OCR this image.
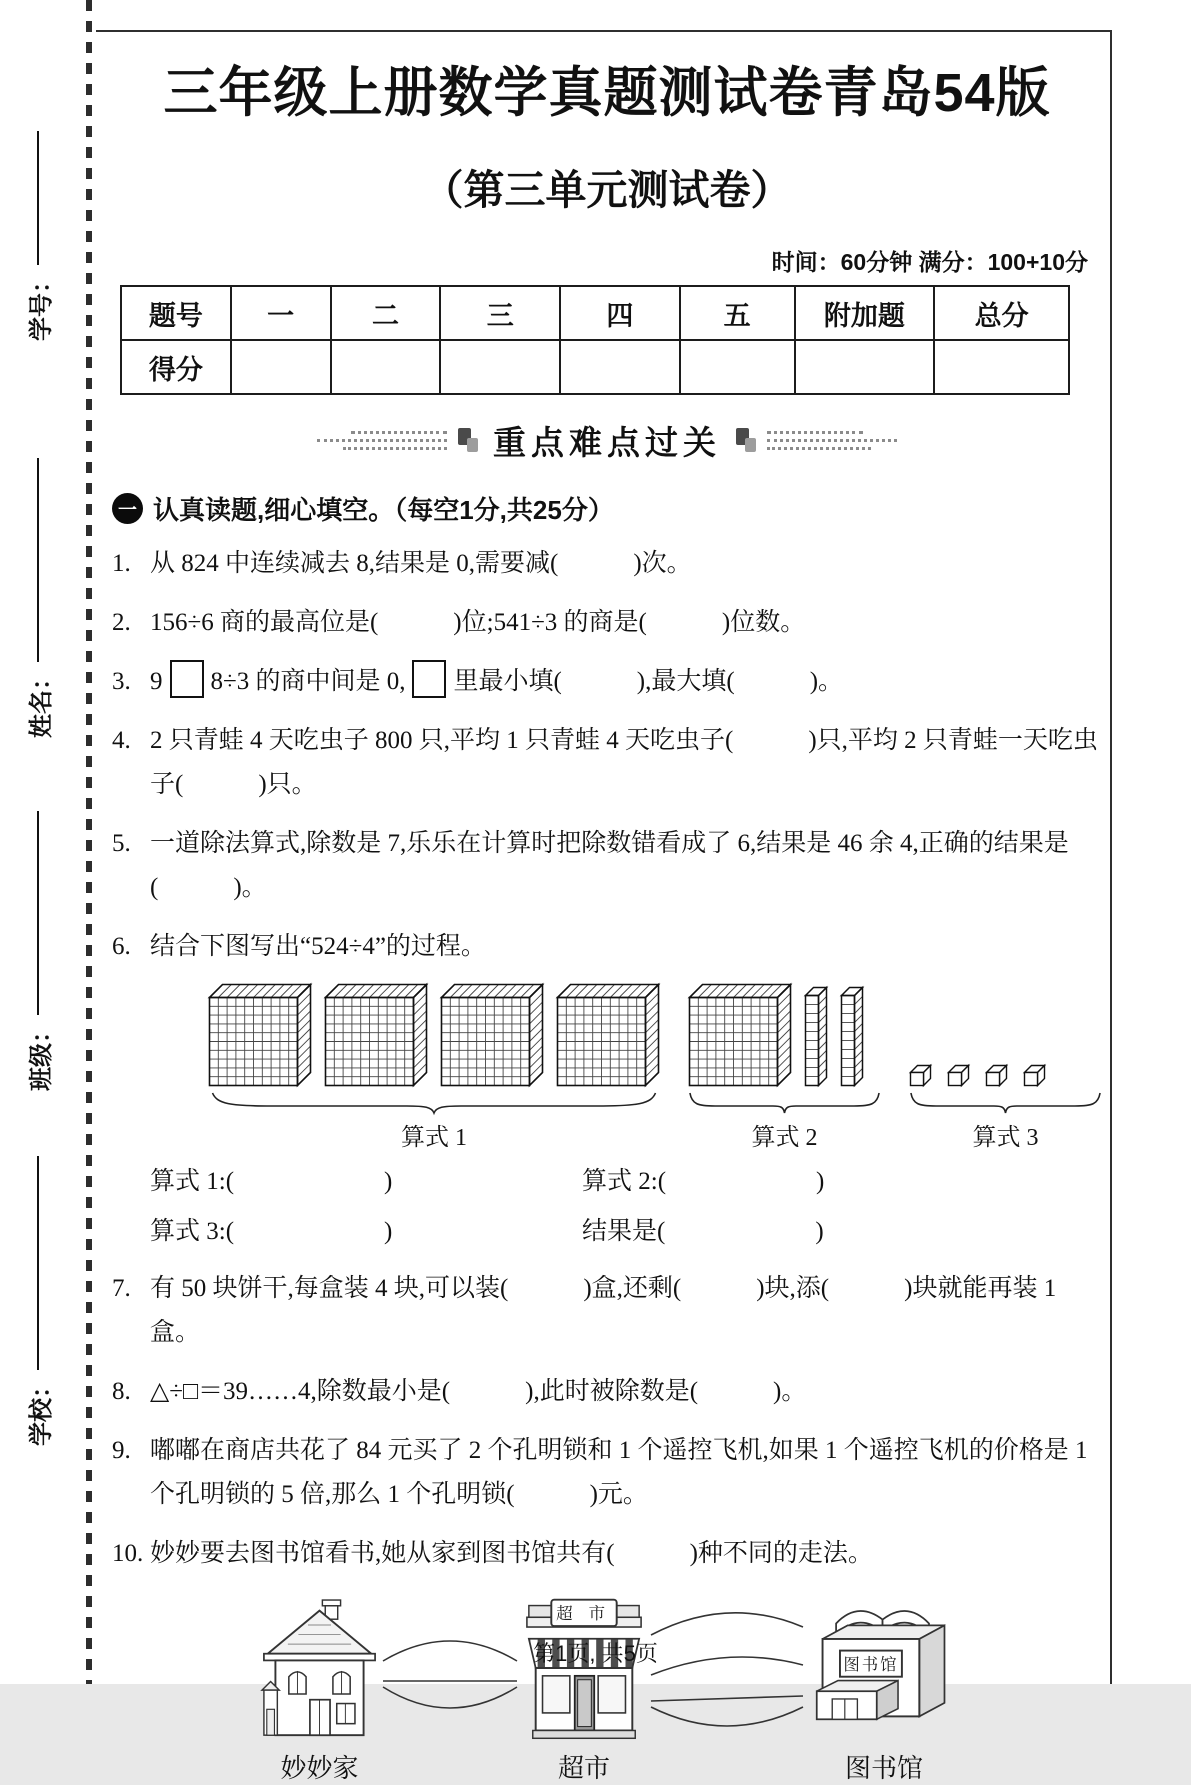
学号：
姓名：
班级：
学校：
三年级上册数学真题测试卷青岛54版
（第三单元测试卷）
时间：60分钟 满分：100+10分
题号	一	二	三	四	五	附加题	总分
得分							
重点难点过关
一 认真读题,细心填空。（每空1分,共25分）
1. 从 824 中连续减去 8,结果是 0,需要减(　　　)次。
2. 156÷6 商的最高位是(　　　)位;541÷3 的商是(　　　)位数。
3. 9 8÷3 的商中间是 0, 里最小填(　　　),最大填(　　　)。
4. 2 只青蛙 4 天吃虫子 800 只,平均 1 只青蛙 4 天吃虫子(　　　)只,平均 2 只青蛙一天吃虫子(　　　)只。
5. 一道除法算式,除数是 7,乐乐在计算时把除数错看成了 6,结果是 46 余 4,正确的结果是(　　　)。
6. 结合下图写出“524÷4”的过程。
算式 1	算式 2	算式 3
算式 1:(　　　　　　)	算式 2:(　　　　　　)
算式 3:(　　　　　　)	结果是(　　　　　　)
7. 有 50 块饼干,每盒装 4 块,可以装(　　　)盒,还剩(　　　)块,添(　　　)块就能再装 1 盒。
8. △÷□＝39……4,除数最小是(　　　),此时被除数是(　　　)。
9. 嘟嘟在商店共花了 84 元买了 2 个孔明锁和 1 个遥控飞机,如果 1 个遥控飞机的价格是 1 个孔明锁的 5 倍,那么 1 个孔明锁(　　　)元。
10. 妙妙要去图书馆看书,她从家到图书馆共有(　　　)种不同的走法。
妙妙家
超 市
超市
图书馆
图书馆
第1页, 共5页
